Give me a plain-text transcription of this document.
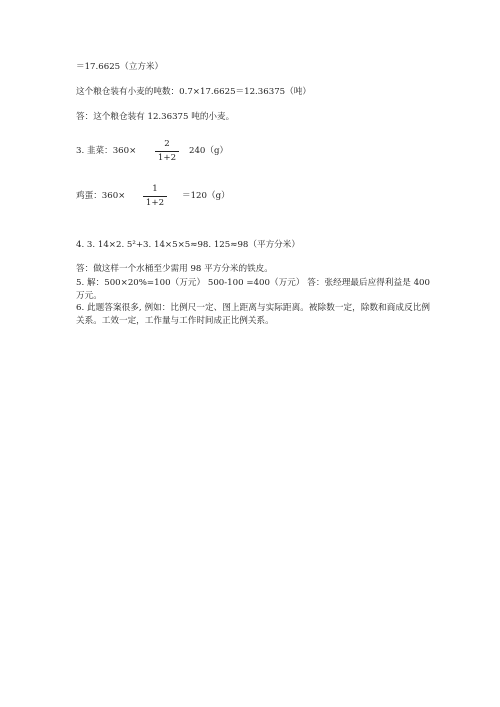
＝17.6625（立方米）
这个粮仓装有小麦的吨数：0.7×17.6625＝12.36375（吨）
答：这个粮仓装有 12.36375 吨的小麦。
3. 韭菜：360×
2
1+2
240（g）
鸡蛋：360×
1
1+2
＝120（g）
4. 3. 14×2. 5²+3. 14×5×5≈98. 125≈98（平方分米）
答：做这样一个水桶至少需用 98 平方分米的铁皮。
5. 解：500×20%=100（万元） 500-100 =400（万元） 答：张经理最后应得利益是 400 万元。
6. 此题答案很多, 例如：比例尺一定、图上距离与实际距离。被除数一定，除数和商成反比例关系。工效一定，工作量与工作时间成正比例关系。
